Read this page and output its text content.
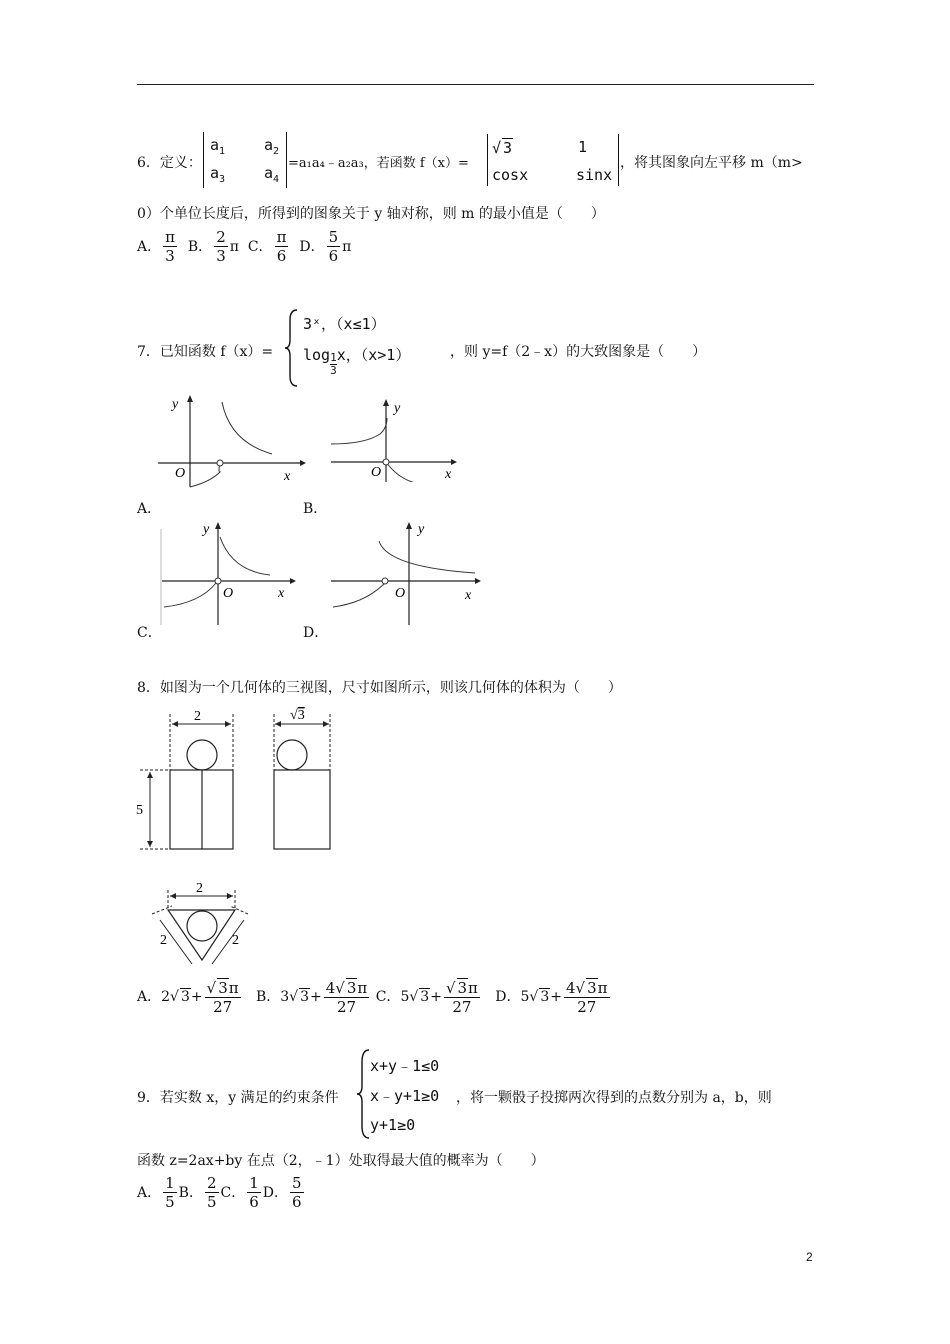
6．定义：
$a_1$	$a_2$
$a_3$	$a_4$
=a₁a₄﹣a₂a₃，若函数 f（x）=
√ 3	1
cosx	sinx
，将其图象向左平移 m（m>
0）个单位长度后，所得到的图象关于 y 轴对称，则 m 的最小值是（　　）
A． $\frac{\pi}{3}$ B． $\frac{2}{3}$ π C． $\frac{\pi}{6}$ D． $\frac{5}{6}$ π
7．已知函数 f（x）=
3ˣ，（x≤1）
$\log \frac{1}{3}$ x，（x>1）	，则 y=f（2﹣x）的大致图象是（　　）
y
x
O
A．
y
x
O
B．
y
x
O
C．
y
x
O
D．
8．如图为一个几何体的三视图，尺寸如图所示，则该几何体的体积为（　　）
2
5
√3
2
2	2
A．2√ $3+ \frac{√ 3\pi}{27}$ B．3√ $3+ \frac{4√ 3\pi}{27}$ C．5√ $3+ \frac{√ 3\pi}{27}$ D．5√ $3+ \frac{4√ 3\pi}{27}$
9．若实数 x，y 满足的约束条件
x+y﹣1≤0
x﹣y+1≥0
y+1≥0
，将一颗骰子投掷两次得到的点数分别为 a，b，则
函数 z=2ax+by 在点（2，﹣1）处取得最大值的概率为（　　）
A． $\frac{1}{5}$ B． $\frac{2}{5}$ C． $\frac{1}{6}$ D． $\frac{5}{6}$
2
